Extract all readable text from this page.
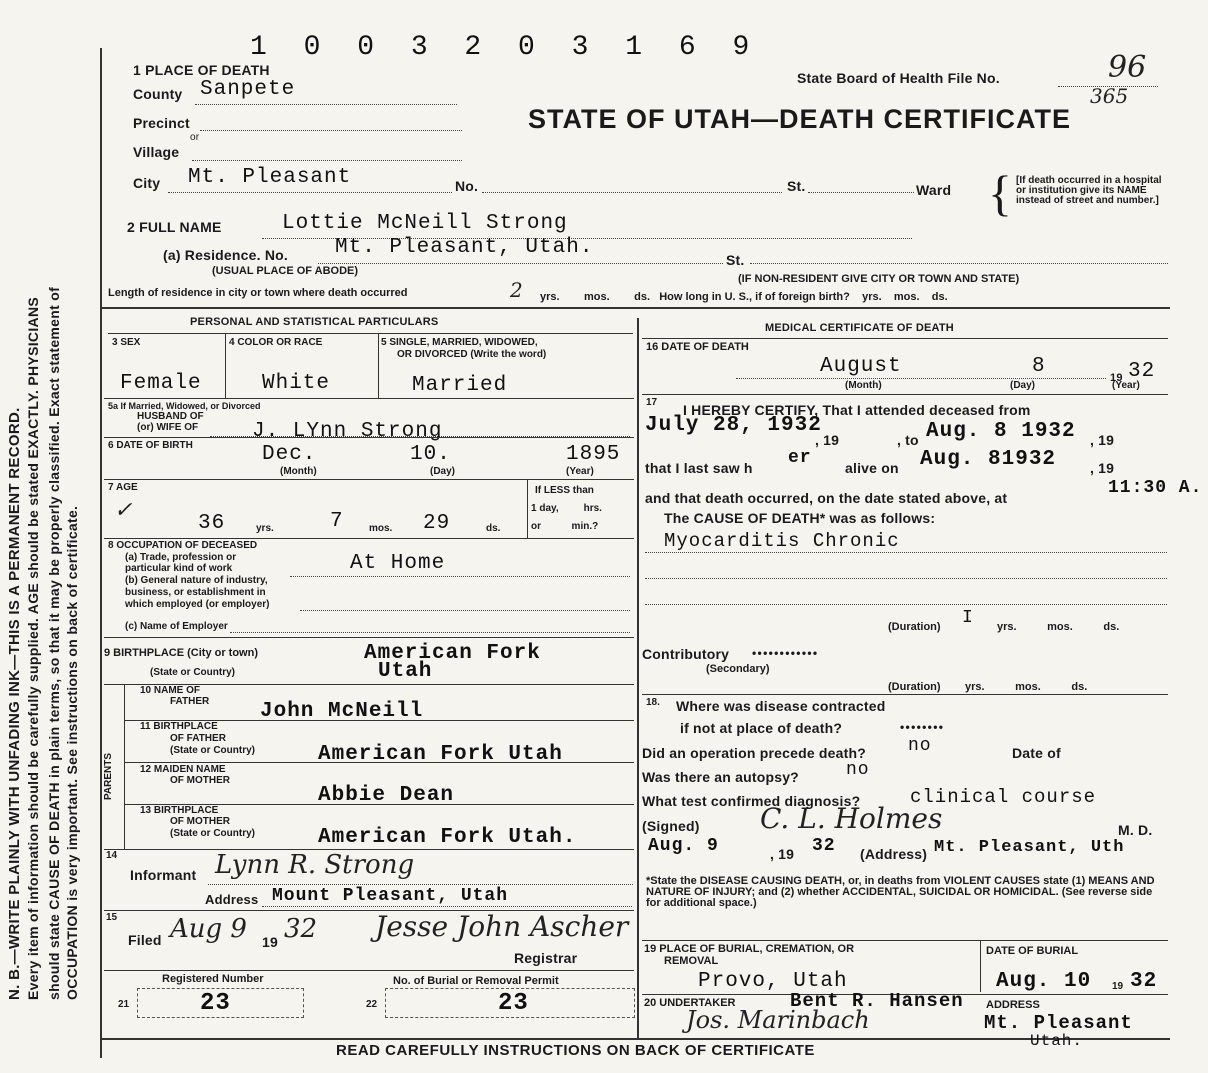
N. B.—WRITE PLAINLY WITH UNFADING INK—THIS IS A PERMANENT RECORD. Every item of information should be carefully supplied. AGE should be stated EXACTLY. PHYSICIANS should state CAUSE OF DEATH in plain terms, so that it may be properly classified. Exact statement of OCCUPATION is very important. See instructions on back of certificate.
1 0 0 3 2 0 3 1 6 9
State Board of Health File No.	96
365
STATE OF UTAH—DEATH CERTIFICATE
1 PLACE OF DEATH
County Sanpete
Precinct
or
Village
City Mt. Pleasant	No.	St.	Ward { [If death occurred in a hospital or institution give its NAME instead of street and number.]
2 FULL NAME	Lottie McNeill Strong
(a) Residence. No. Mt. Pleasant, Utah.
St.
(USUAL PLACE OF ABODE)
(IF NON-RESIDENT GIVE CITY OR TOWN AND STATE)
Length of residence in city or town where death occurred	2 yrs.        mos.        ds.   How long in U. S., if of foreign birth?    yrs.    mos.    ds.
PERSONAL AND STATISTICAL PARTICULARS
3 SEX	4 COLOR OR RACE	5 SINGLE, MARRIED, WIDOWED,
OR DIVORCED (Write the word)
Female	White	Married
5a If Married, Widowed, or Divorced
HUSBAND OF
(or) WIFE OF	J. LYnn Strong
6 DATE OF BIRTH	Dec.	10.	1895
(Month)	(Day)	(Year)
7 AGE
✓
36	yrs.	7	mos. 29	ds.
If LESS than
1 day,         hrs.
or           min.?
8 OCCUPATION OF DECEASED
(a) Trade, profession or
particular kind of work
(b) General nature of industry,
business, or establishment in
which employed (or employer)
(c) Name of Employer
At Home
9 BIRTHPLACE (City or town)
(State or Country)
American Fork
Utah
PARENTS
10 NAME OF
FATHER John McNeill
11 BIRTHPLACE
OF FATHER
(State or Country)	American Fork Utah
12 MAIDEN NAME
OF MOTHER
Abbie Dean
13 BIRTHPLACE
OF MOTHER
(State or Country)	American Fork Utah.
14
Informant Lynn R. Strong
Address Mount Pleasant, Utah
15
Filed Aug 9 19 32 Jesse John Ascher
Registrar
Registered Number	No. of Burial or Removal Permit
21	22
23	23
MEDICAL CERTIFICATE OF DEATH
16 DATE OF DEATH
August	8	19 32
(Month)	(Day)	(Year)
17 I HEREBY CERTIFY, That I attended deceased from
July 28, 1932
, 19	, to Aug. 8 1932 , 19
that I last saw h er alive on Aug. 81932 , 19
and that death occurred, on the date stated above, at	11:30 A.
The CAUSE OF DEATH* was as follows:
Myocarditis Chronic
(Duration) I yrs.          mos.          ds.
Contributory • • • • • • • • • • • •
(Secondary)
(Duration)        yrs.          mos.          ds.
18. Where was disease contracted
if not at place of death?	• • • • • • • •
Did an operation precede death? no	Date of
Was there an autopsy?	no
What test confirmed diagnosis?	clinical course
(Signed) C. L. Holmes	M. D.
Aug. 9	, 19 32 (Address) Mt. Pleasant, Uth
*State the DISEASE CAUSING DEATH, or, in deaths from VIOLENT CAUSES state (1) MEANS AND NATURE OF INJURY; and (2) whether ACCIDENTAL, SUICIDAL OR HOMICIDAL. (See reverse side for additional space.)
19 PLACE OF BURIAL, CREMATION, OR
REMOVAL
Provo, Utah
DATE OF BURIAL
Aug. 10 19 32
20 UNDERTAKER	Bent R. Hansen
Jos. Marinbach
ADDRESS
Mt. Pleasant
Utah.
READ CAREFULLY INSTRUCTIONS ON BACK OF CERTIFICATE
